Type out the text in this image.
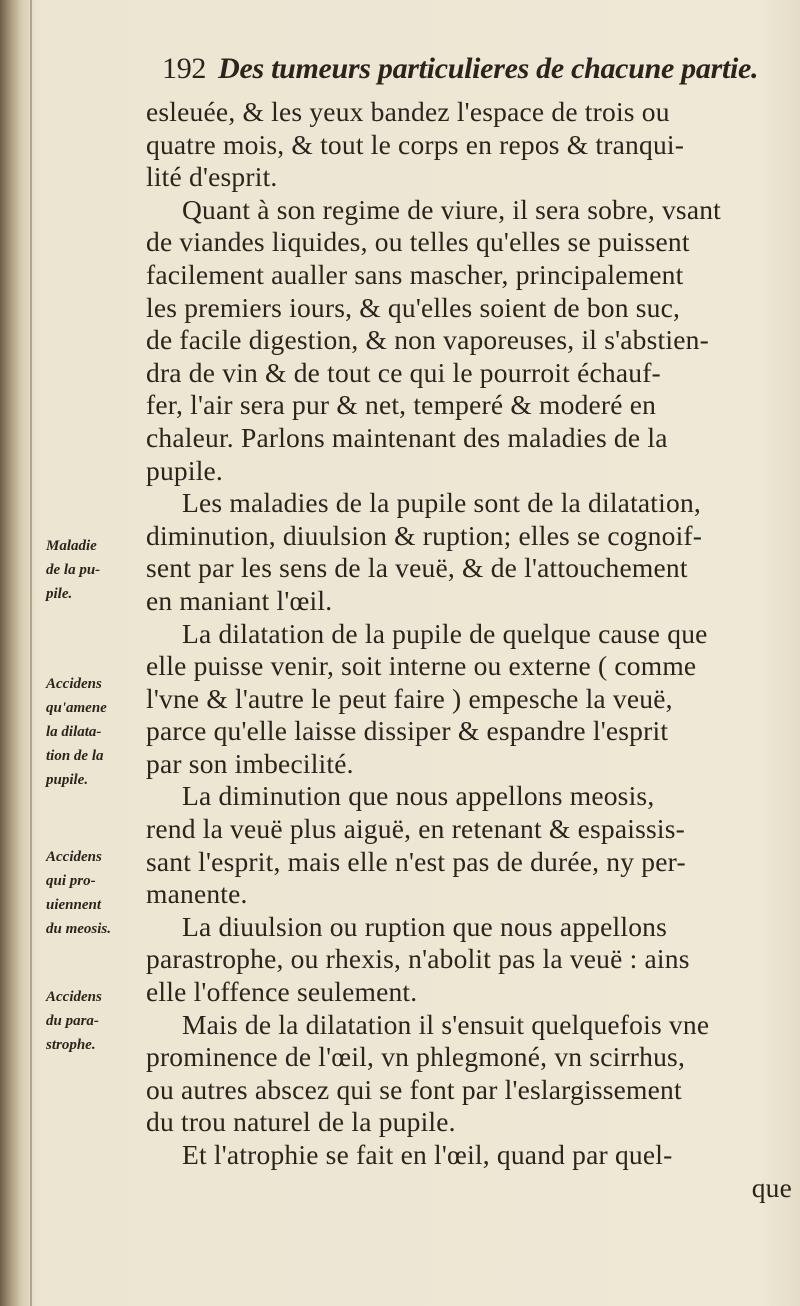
192 Des tumeurs particulieres de chacune partie.
esleuée, & les yeux bandez l'espace de trois ou
quatre mois, & tout le corps en repos & tranqui-
lité d'esprit.
Quant à son regime de viure, il sera sobre, vsant
de viandes liquides, ou telles qu'elles se puissent
facilement aualler sans mascher, principalement
les premiers iours, & qu'elles soient de bon suc,
de facile digestion, & non vaporeuses, il s'abstien-
dra de vin & de tout ce qui le pourroit échauf-
fer, l'air sera pur & net, temperé & moderé en
chaleur. Parlons maintenant des maladies de la
pupile.
Les maladies de la pupile sont de la dilatation,
diminution, diuulsion & ruption; elles se cognoif-
sent par les sens de la veuë, & de l'attouchement
en maniant l'œil.
La dilatation de la pupile de quelque cause que
elle puisse venir, soit interne ou externe ( comme
l'vne & l'autre le peut faire ) empesche la veuë,
parce qu'elle laisse dissiper & espandre l'esprit
par son imbecilité.
La diminution que nous appellons meosis,
rend la veuë plus aiguë, en retenant & espaissis-
sant l'esprit, mais elle n'est pas de durée, ny per-
manente.
La diuulsion ou ruption que nous appellons
parastrophe, ou rhexis, n'abolit pas la veuë : ains
elle l'offence seulement.
Mais de la dilatation il s'ensuit quelquefois vne
prominence de l'œil, vn phlegmoné, vn scirrhus,
ou autres abscez qui se font par l'eslargissement
du trou naturel de la pupile.
Et l'atrophie se fait en l'œil, quand par quel-
que
Maladie
de la pu-
pile.
Accidens
qu'amene
la dilata-
tion de la
pupile.
Accidens
qui pro-
uiennent
du meosis.
Accidens
du para-
strophe.
